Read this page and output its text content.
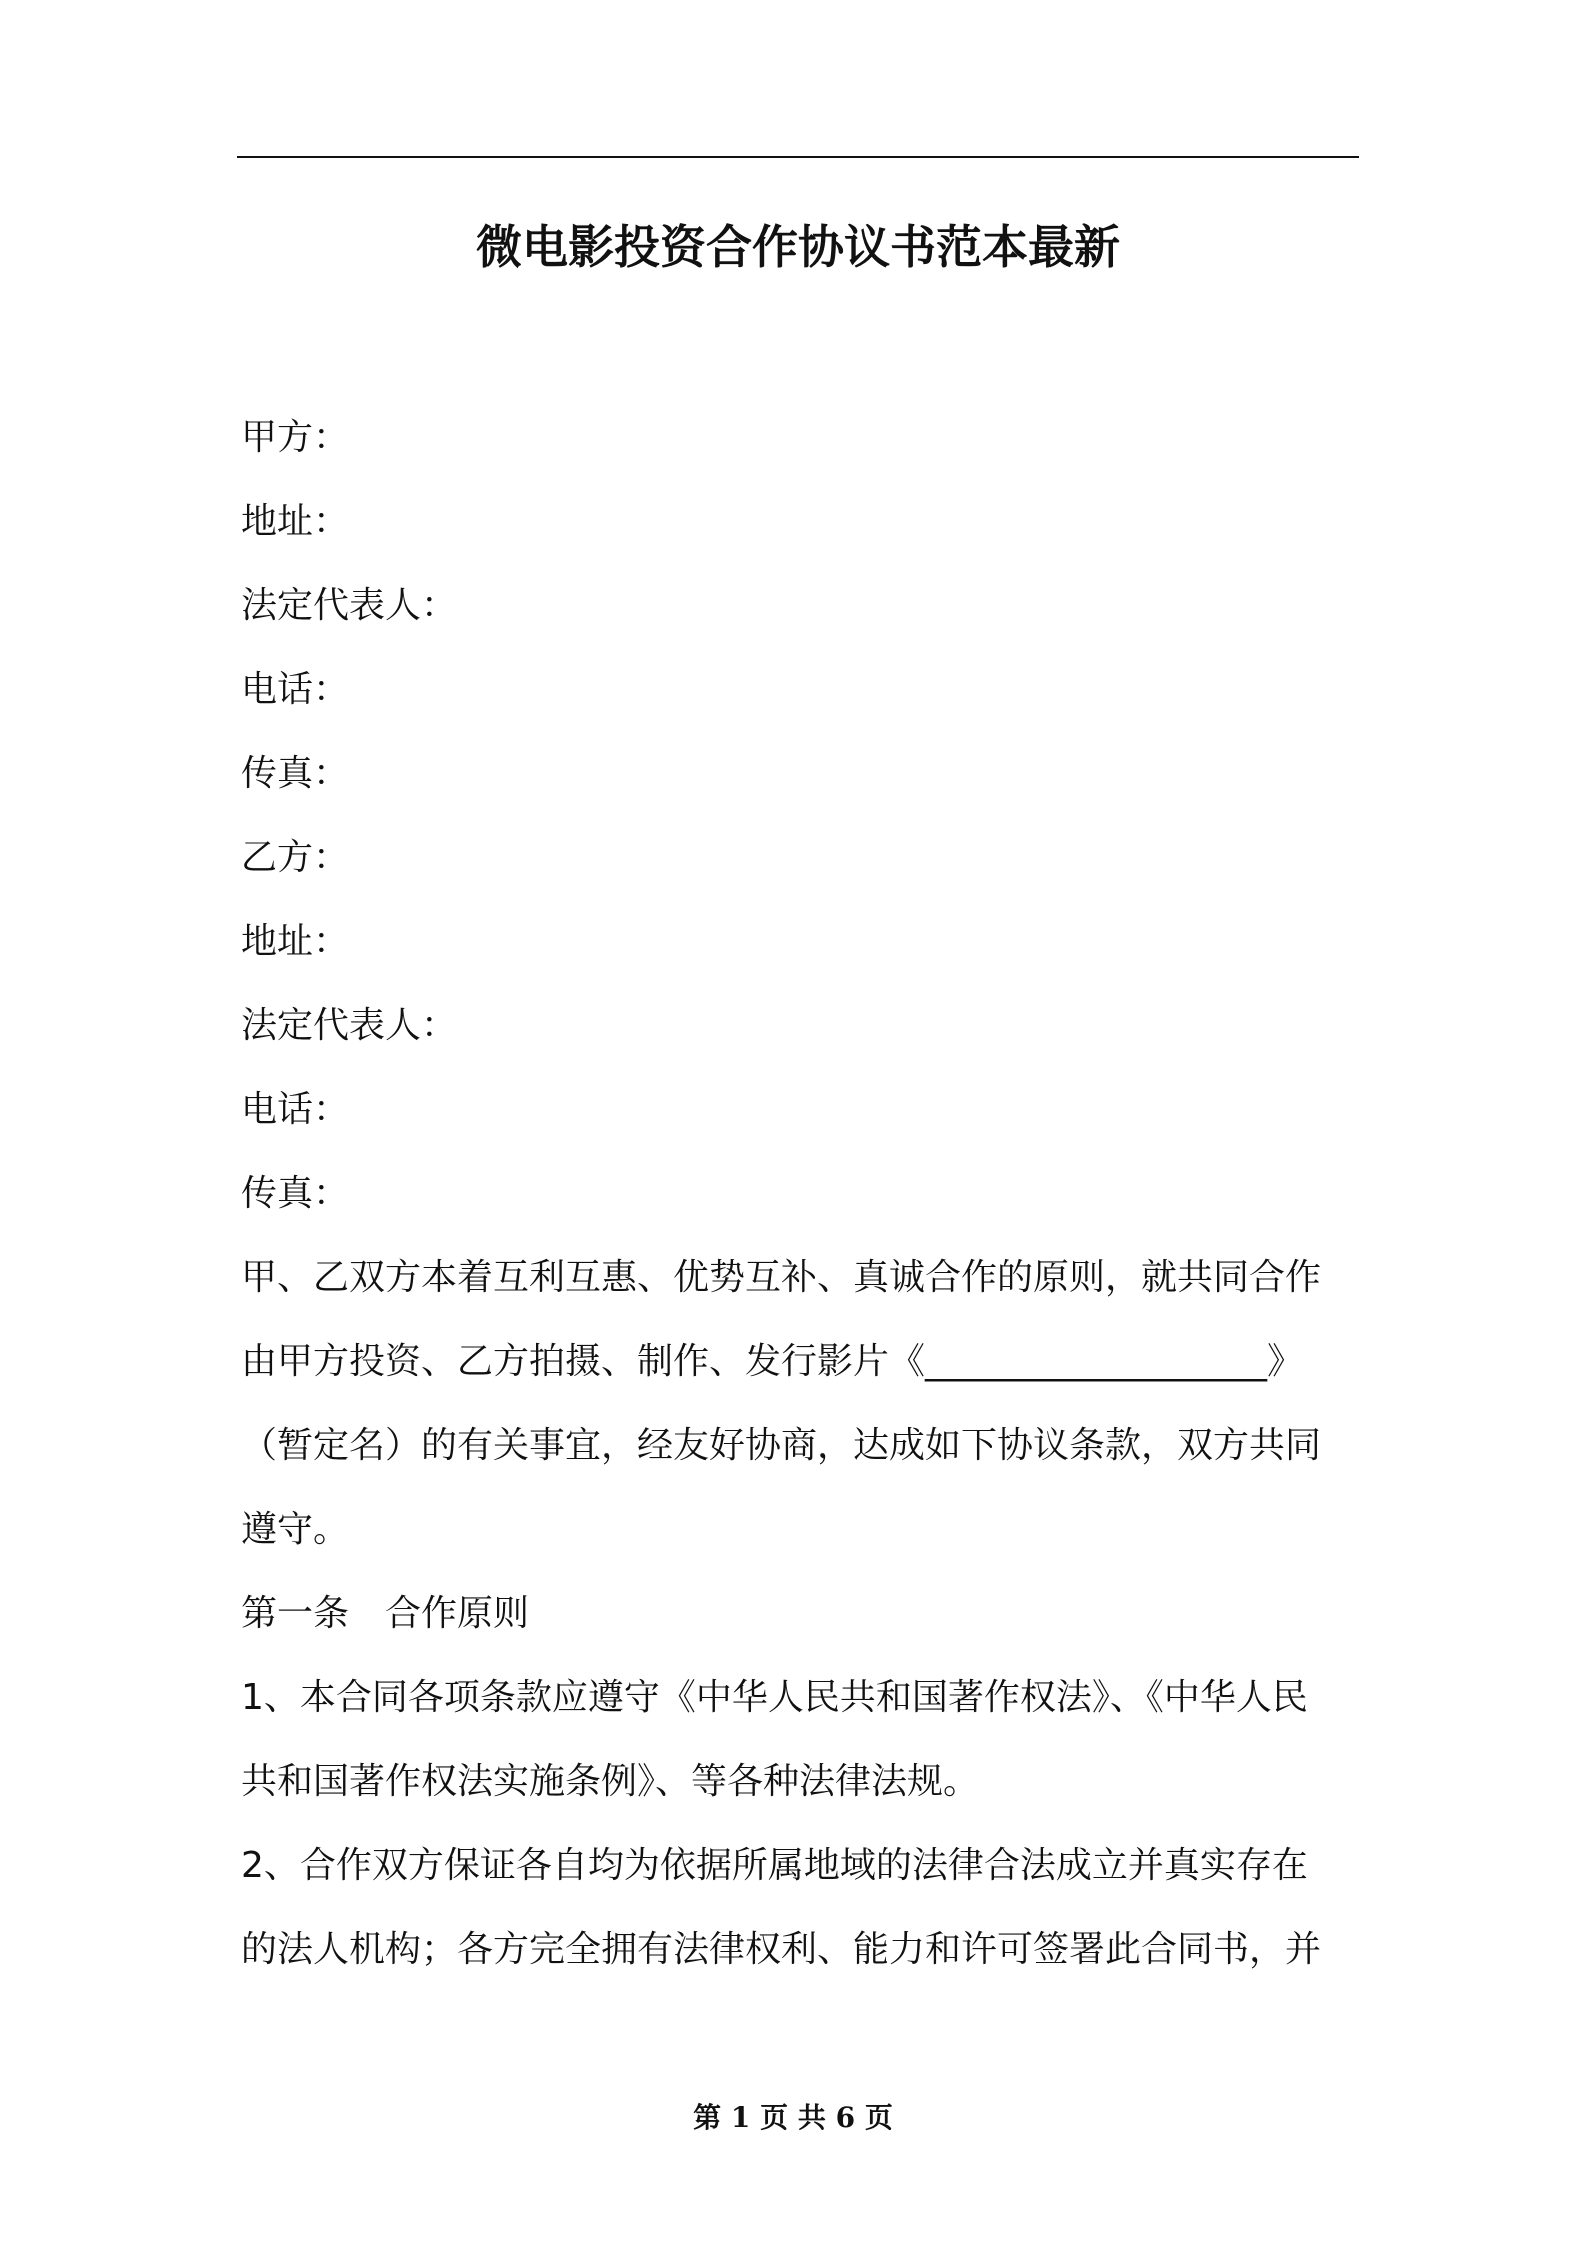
微电影投资合作协议书范本最新
甲方：
地址：
法定代表人：
电话：
传真：
乙方：
地址：
法定代表人：
电话：
传真：
甲、乙双方本着互利互惠、优势互补、真诚合作的原则，就共同合作
由甲方投资、乙方拍摄、制作、发行影片《___________________》
（暂定名）的有关事宜，经友好协商，达成如下协议条款，双方共同
遵守。
第一条　合作原则
1、本合同各项条款应遵守《中华人民共和国著作权法》、《中华人民
共和国著作权法实施条例》、等各种法律法规。
2、合作双方保证各自均为依据所属地域的法律合法成立并真实存在
的法人机构；各方完全拥有法律权利、能力和许可签署此合同书，并
第 1 页 共 6 页
